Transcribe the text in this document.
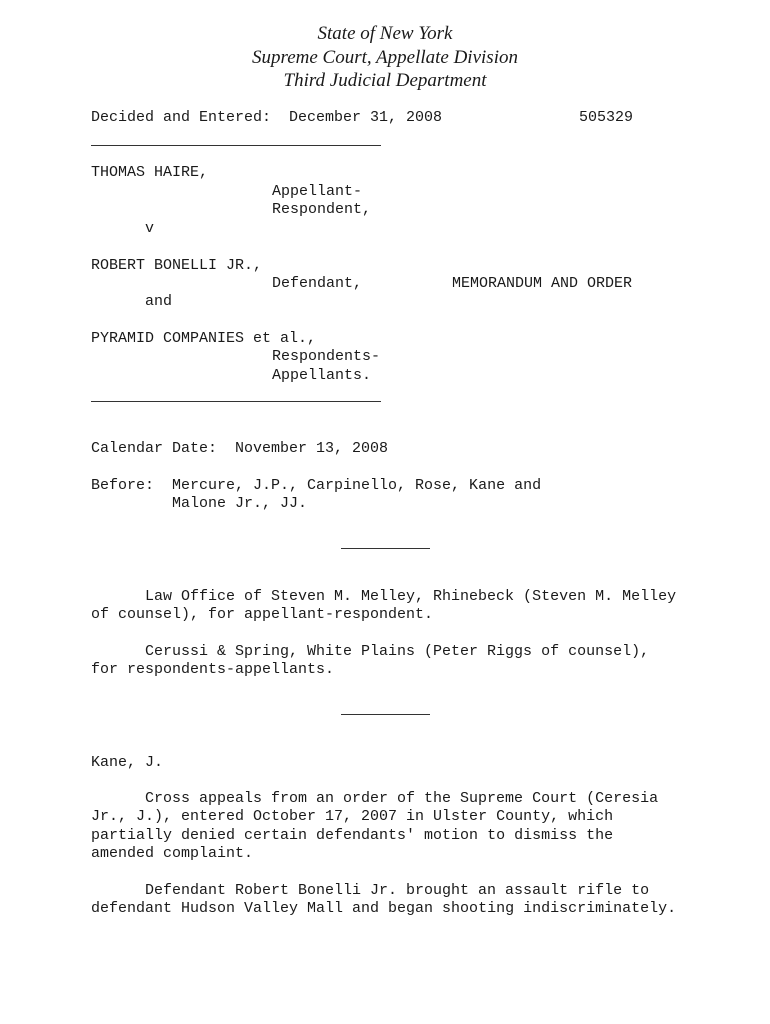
State of New York
Supreme Court, Appellate Division
Third Judicial Department
Decided and Entered:  December 31, 2008	505329
THOMAS HAIRE,
Appellant-
Respondent,
v
ROBERT BONELLI JR.,
Defendant,	MEMORANDUM AND ORDER
and
PYRAMID COMPANIES et al.,
Respondents-
Appellants.
Calendar Date:  November 13, 2008
Before:  Mercure, J.P., Carpinello, Rose, Kane and
Malone Jr., JJ.
Law Office of Steven M. Melley, Rhinebeck (Steven M. Melley
of counsel), for appellant-respondent.
Cerussi & Spring, White Plains (Peter Riggs of counsel),
for respondents-appellants.
Kane, J.
Cross appeals from an order of the Supreme Court (Ceresia
Jr., J.), entered October 17, 2007 in Ulster County, which
partially denied certain defendants' motion to dismiss the
amended complaint.
Defendant Robert Bonelli Jr. brought an assault rifle to
defendant Hudson Valley Mall and began shooting indiscriminately.
